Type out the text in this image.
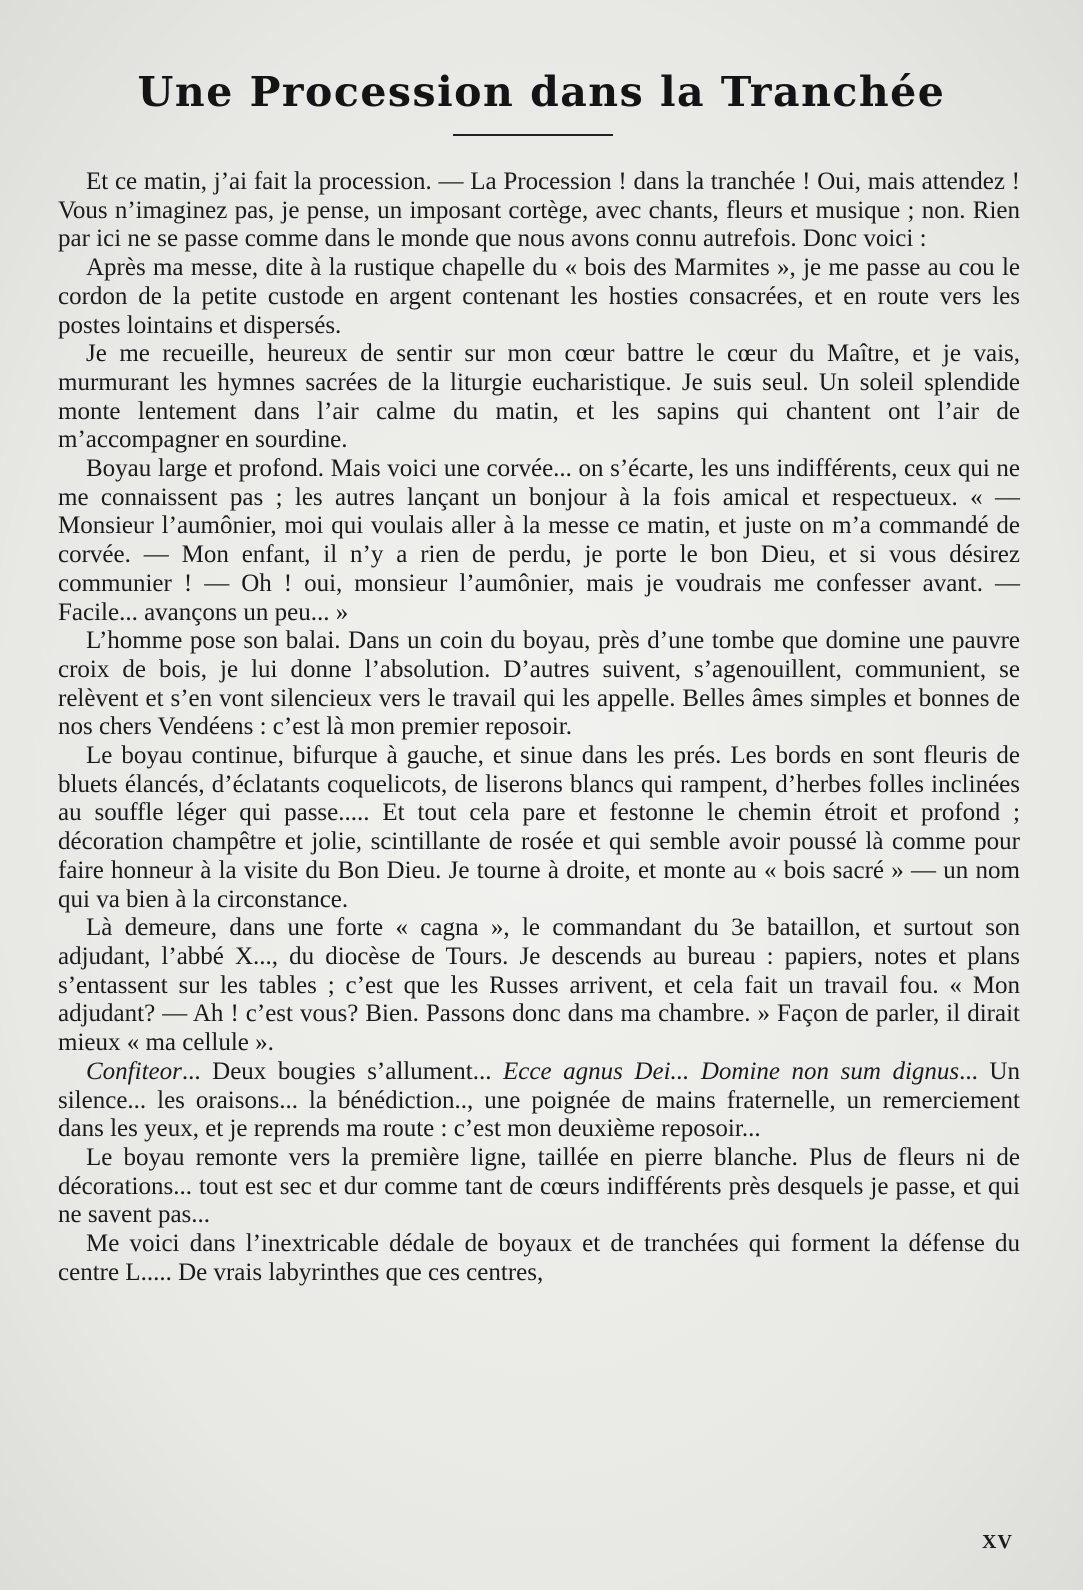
Une Procession dans la Tranchée

Et ce matin, j’ai fait la procession. — La Procession ! dans la tranchée ! Oui, mais attendez ! Vous n’imaginez pas, je pense, un imposant cortège, avec chants, fleurs et musique ; non. Rien par ici ne se passe comme dans le monde que nous avons connu autrefois. Donc voici :

Après ma messe, dite à la rustique chapelle du « bois des Marmites », je me passe au cou le cordon de la petite custode en argent contenant les hosties consacrées, et en route vers les postes lointains et dispersés.

Je me recueille, heureux de sentir sur mon cœur battre le cœur du Maître, et je vais, murmurant les hymnes sacrées de la liturgie eucharistique. Je suis seul. Un soleil splendide monte lentement dans l’air calme du matin, et les sapins qui chantent ont l’air de m’accompagner en sourdine.

Boyau large et profond. Mais voici une corvée... on s’écarte, les uns indifférents, ceux qui ne me connaissent pas ; les autres lançant un bonjour à la fois amical et respectueux. « — Monsieur l’aumônier, moi qui voulais aller à la messe ce matin, et juste on m’a commandé de corvée. — Mon enfant, il n’y a rien de perdu, je porte le bon Dieu, et si vous désirez communier ! — Oh ! oui, monsieur l’aumônier, mais je voudrais me confesser avant. — Facile... avançons un peu... »

L’homme pose son balai. Dans un coin du boyau, près d’une tombe que domine une pauvre croix de bois, je lui donne l’absolution. D’autres suivent, s’agenouillent, communient, se relèvent et s’en vont silencieux vers le travail qui les appelle. Belles âmes simples et bonnes de nos chers Vendéens : c’est là mon premier reposoir.

Le boyau continue, bifurque à gauche, et sinue dans les prés. Les bords en sont fleuris de bluets élancés, d’éclatants coquelicots, de liserons blancs qui rampent, d’herbes folles inclinées au souffle léger qui passe..... Et tout cela pare et festonne le chemin étroit et profond ; décoration champêtre et jolie, scintillante de rosée et qui semble avoir poussé là comme pour faire honneur à la visite du Bon Dieu. Je tourne à droite, et monte au « bois sacré » — un nom qui va bien à la circonstance.

Là demeure, dans une forte « cagna », le commandant du 3e bataillon, et surtout son adjudant, l’abbé X..., du diocèse de Tours. Je descends au bureau : papiers, notes et plans s’entassent sur les tables ; c’est que les Russes arrivent, et cela fait un travail fou. « Mon adjudant? — Ah ! c’est vous? Bien. Passons donc dans ma chambre. » Façon de parler, il dirait mieux « ma cellule ».

Confiteor... Deux bougies s’allument... Ecce agnus Dei... Domine non sum dignus... Un silence... les oraisons... la bénédiction.., une poignée de mains fraternelle, un remerciement dans les yeux, et je reprends ma route : c’est mon deuxième reposoir...

Le boyau remonte vers la première ligne, taillée en pierre blanche. Plus de fleurs ni de décorations... tout est sec et dur comme tant de cœurs indifférents près desquels je passe, et qui ne savent pas...

Me voici dans l’inextricable dédale de boyaux et de tranchées qui forment la défense du centre L..... De vrais labyrinthes que ces centres,

XV
